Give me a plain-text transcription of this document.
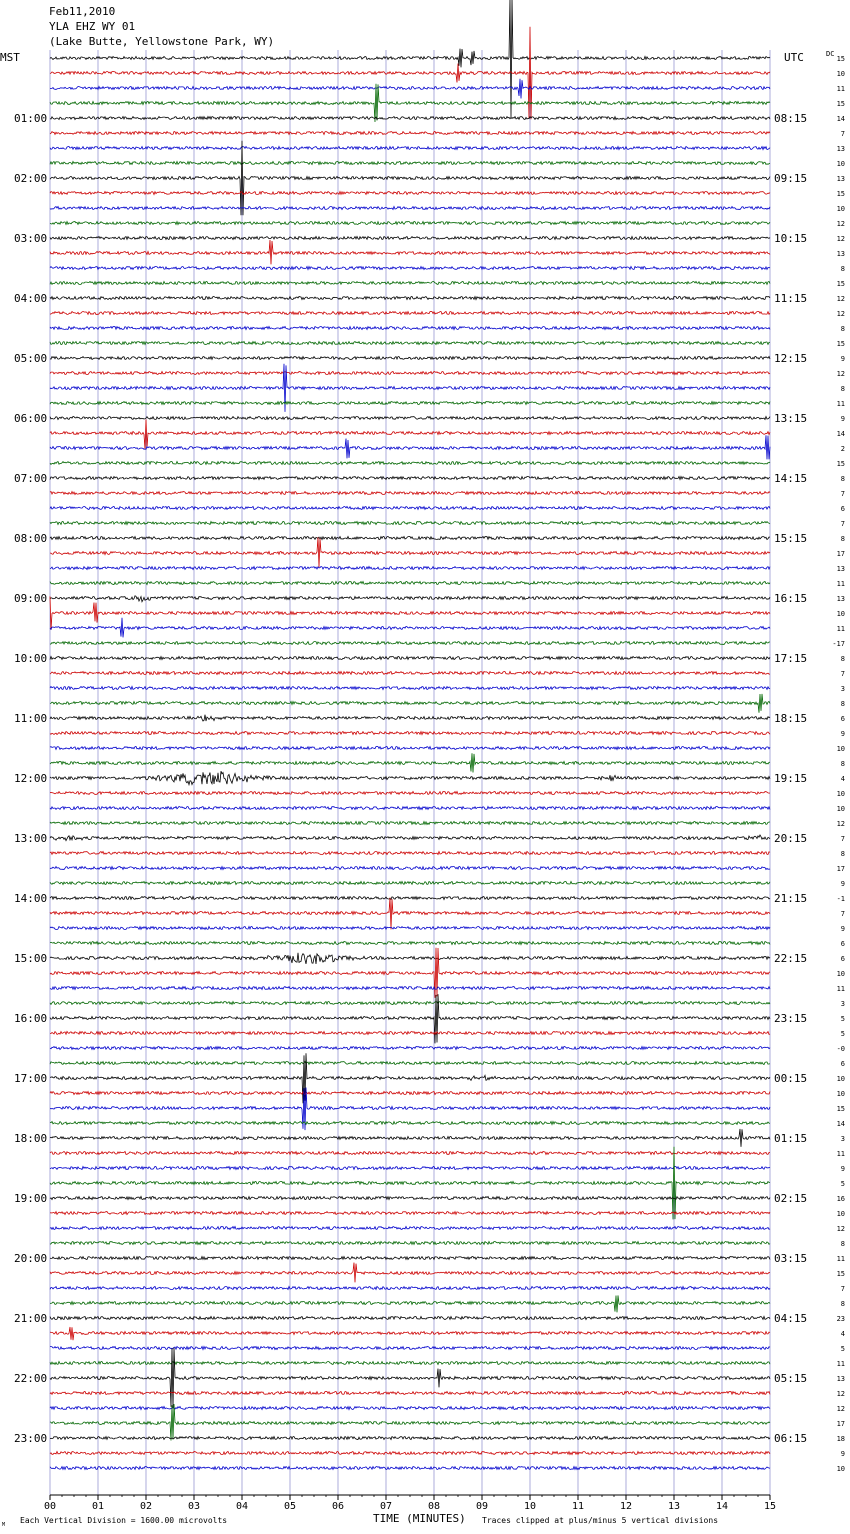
Feb11,2010
YLA EHZ WY 01
(Lake Butte, Yellowstone Park, WY)
MST	UTC	DC
01:00
02:00
03:00
04:00
05:00
06:00
07:00
08:00
09:00
10:00
11:00
12:00
13:00
14:00
15:00
16:00
17:00
18:00
19:00
20:00
21:00
22:00
23:00
08:15
09:15
10:15
11:15
12:15
13:15
14:15
15:15
16:15
17:15
18:15
19:15
20:15
21:15
22:15
23:15
00:15
01:15
02:15
03:15
04:15
05:15
06:15
15
10
11
15
14
7
13
10
13
15
10
12
12
13
8
15
12
12
8
15
9
12
8
11
9
14
2
15
8
7
6
7
8
17
13
11
13
10
11
-17
8
7
3
8
6
9
10
8
4
10
10
12
7
8
17
9
-1
7
9
6
6
10
11
3
5
5
-0
6
10
10
15
14
3
11
9
5
16
10
12
8
11
15
7
8
23
4
5
11
13
12
12
17
18
9
10
00	01	02	03	04	05	06	07	08	09	10	11	12	13	14	15
Each Vertical Division = 1600.00 microvolts	TIME (MINUTES) Traces clipped at plus/minus 5 vertical divisions
M
